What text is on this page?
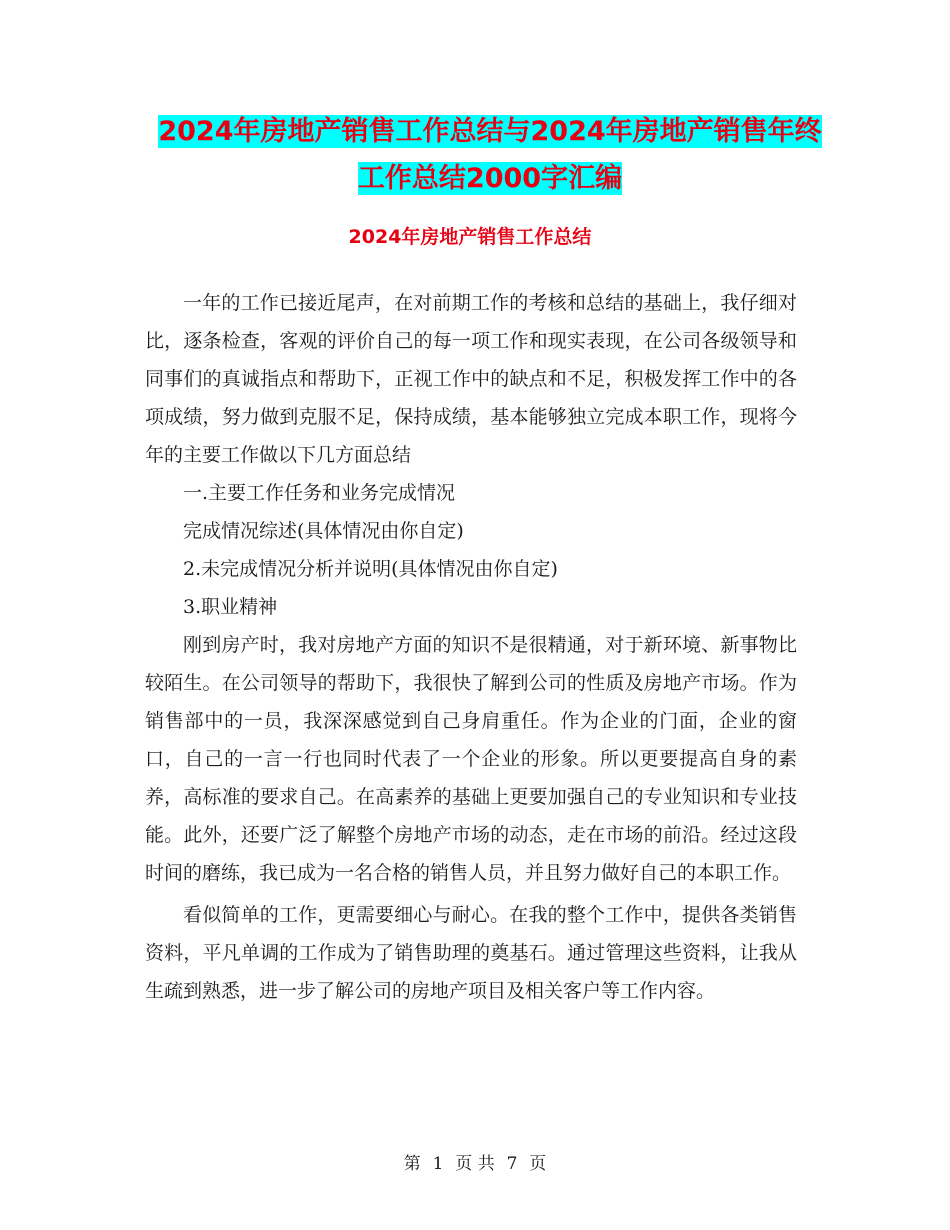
2024年房地产销售工作总结与2024年房地产销售年终
工作总结2000字汇编
2024年房地产销售工作总结

一年的工作已接近尾声，在对前期工作的考核和总结的基础上，我仔细对比，逐条检查，客观的评价自己的每一项工作和现实表现，在公司各级领导和同事们的真诚指点和帮助下，正视工作中的缺点和不足，积极发挥工作中的各项成绩，努力做到克服不足，保持成绩，基本能够独立完成本职工作，现将今年的主要工作做以下几方面总结

一.主要工作任务和业务完成情况

完成情况综述(具体情况由你自定)

2.未完成情况分析并说明(具体情况由你自定)

3.职业精神

刚到房产时，我对房地产方面的知识不是很精通，对于新环境、新事物比较陌生。在公司领导的帮助下，我很快了解到公司的性质及房地产市场。作为销售部中的一员，我深深感觉到自己身肩重任。作为企业的门面，企业的窗口，自己的一言一行也同时代表了一个企业的形象。所以更要提高自身的素养，高标准的要求自己。在高素养的基础上更要加强自己的专业知识和专业技能。此外，还要广泛了解整个房地产市场的动态，走在市场的前沿。经过这段时间的磨练，我已成为一名合格的销售人员，并且努力做好自己的本职工作。

看似简单的工作，更需要细心与耐心。在我的整个工作中，提供各类销售资料，平凡单调的工作成为了销售助理的奠基石。通过管理这些资料，让我从生疏到熟悉，进一步了解公司的房地产项目及相关客户等工作内容。

第 1 页 共 7 页
